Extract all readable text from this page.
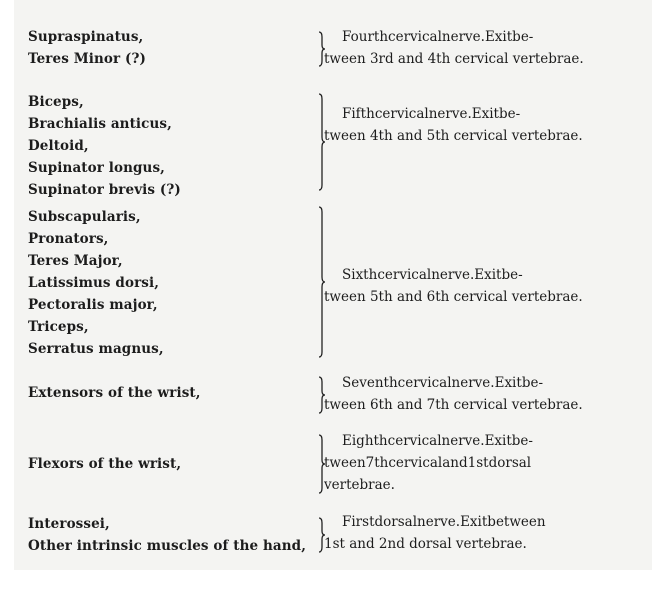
Supraspinatus,
Teres Minor (?)
Fourthcervicalnerve.Exitbe-
tween 3rd and 4th cervical vertebrae.
Biceps,
Brachialis anticus,
Deltoid,
Supinator longus,
Supinator brevis (?)
Fifthcervicalnerve.Exitbe-
tween 4th and 5th cervical vertebrae.
Subscapularis,
Pronators,
Teres Major,
Latissimus dorsi,
Pectoralis major,
Triceps,
Serratus magnus,
Sixthcervicalnerve.Exitbe-
tween 5th and 6th cervical vertebrae.
Extensors of the wrist,
Seventhcervicalnerve.Exitbe-
tween 6th and 7th cervical vertebrae.
Flexors of the wrist,
Eighthcervicalnerve.Exitbe-
tween7thcervicaland1stdorsal
vertebrae.
Interossei,
Other intrinsic muscles of the hand,
Firstdorsalnerve.Exitbetween
1st and 2nd dorsal vertebrae.
